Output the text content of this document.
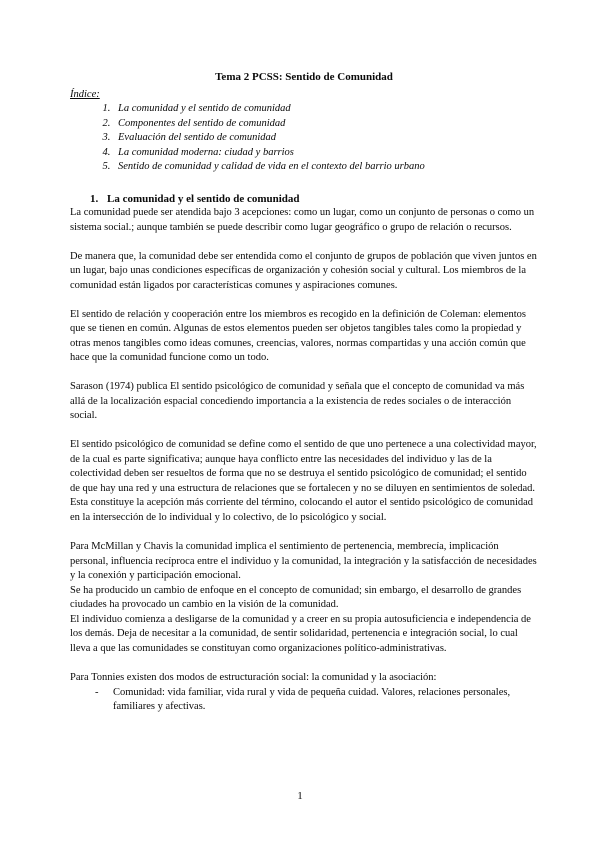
Tema 2 PCSS: Sentido de Comunidad
Índice:
1. La comunidad y el sentido de comunidad
2. Componentes del sentido de comunidad
3. Evaluación del sentido de comunidad
4. La comunidad moderna: ciudad y barrios
5. Sentido de comunidad y calidad de vida en el contexto del barrio urbano
1. La comunidad y el sentido de comunidad

La comunidad puede ser atendida bajo 3 acepciones: como un lugar, como un conjunto de personas o como un sistema social.; aunque también se puede describir como lugar geográfico o grupo de relación o recursos.

De manera que, la comunidad debe ser entendida como el conjunto de grupos de población que viven juntos en un lugar, bajo unas condiciones específicas de organización y cohesión social y cultural. Los miembros de la comunidad están ligados por características comunes y aspiraciones comunes.

El sentido de relación y cooperación entre los miembros es recogido en la definición de Coleman: elementos que se tienen en común. Algunas de estos elementos pueden ser objetos tangibles tales como la propiedad y otras menos tangibles como ideas comunes, creencias, valores, normas compartidas y una acción común que hace que la comunidad funcione como un todo.

Sarason (1974) publica El sentido psicológico de comunidad y señala que el concepto de comunidad va más allá de la localización espacial concediendo importancia a la existencia de redes sociales o de interacción social.

El sentido psicológico de comunidad se define como el sentido de que uno pertenece a una colectividad mayor, de la cual es parte significativa; aunque haya conflicto entre las necesidades del individuo y las de la colectividad deben ser resueltos de forma que no se destruya el sentido psicológico de comunidad; el sentido de que hay una red y una estructura de relaciones que se fortalecen y no se diluyen en sentimientos de soledad. Esta constituye la acepción más corriente del término, colocando el autor el sentido psicológico de comunidad en la intersección de lo individual y lo colectivo, de lo psicológico y social.

Para McMillan y Chavis la comunidad implica el sentimiento de pertenencia, membrecía, implicación personal, influencia recíproca entre el individuo y la comunidad, la integración y la satisfacción de necesidades y la conexión y participación emocional.

Se ha producido un cambio de enfoque en el concepto de comunidad; sin embargo, el desarrollo de grandes ciudades ha provocado un cambio en la visión de la comunidad.

El individuo comienza a desligarse de la comunidad y a creer en su propia autosuficiencia e independencia de los demás. Deja de necesitar a la comunidad, de sentir solidaridad, pertenencia e integración social, lo cual lleva a que las comunidades se constituyan como organizaciones político-administrativas.

Para Tonnies existen dos modos de estructuración social: la comunidad y la asociación:

-	Comunidad: vida familiar, vida rural y vida de pequeña cuidad. Valores, relaciones personales, familiares y afectivas.
1
